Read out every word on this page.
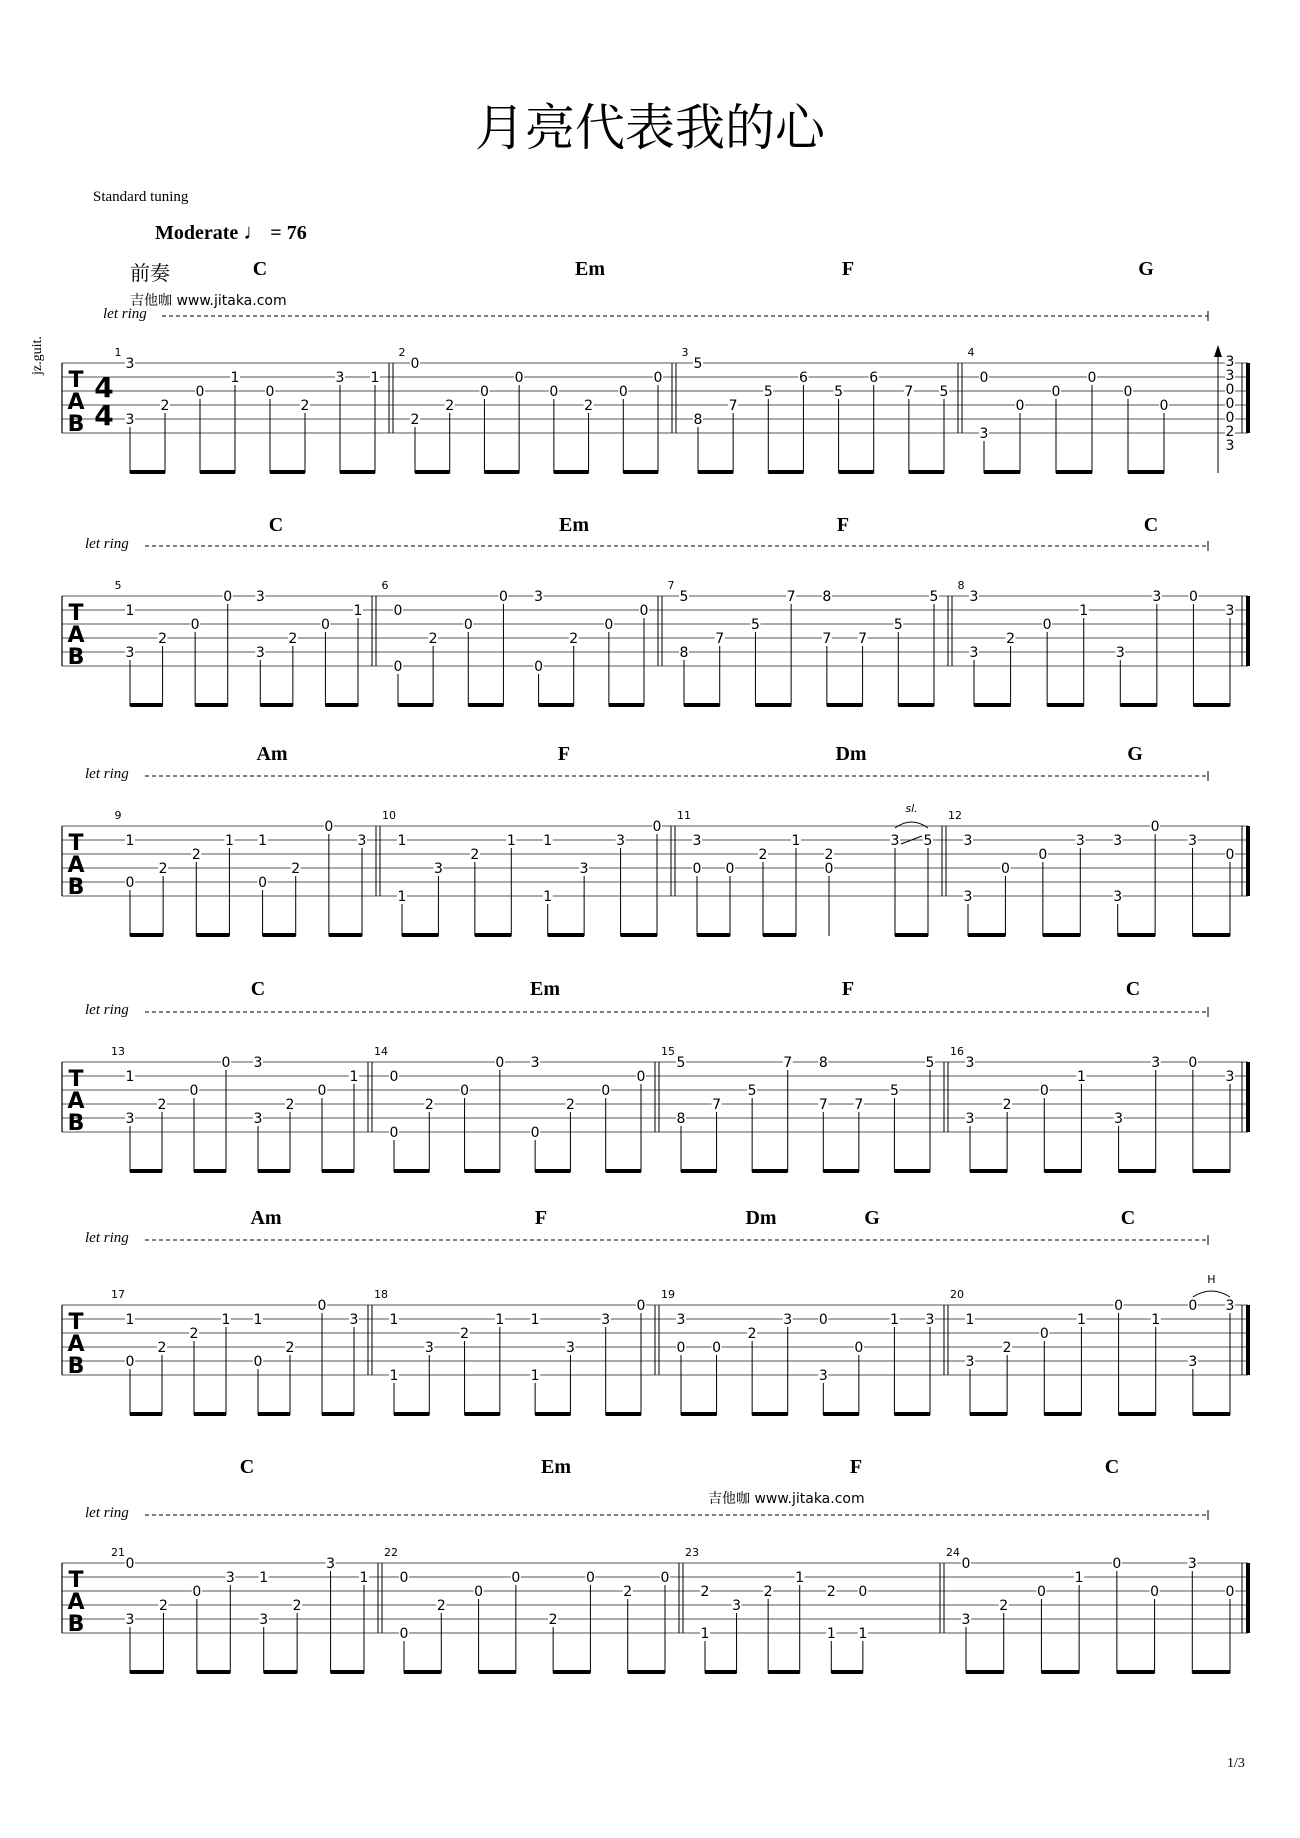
月亮代表我的心
Standard tuning
Moderate ♩ = 76
前奏
吉他咖 www.jitaka.com
吉他咖 www.jitaka.com
jz.guit.
1/3
C	Em	F	G
let ring
C	Em	F	C
let ring
Am	F	Dm	G
let ring
C	Em	F	C
let ring
Am	F	Dm	G	C
let ring
C	Em	F	C
let ring
T
A
B
4
4
1
3
3
2
0
1
0
2
3 1
2
0
2
2
0
0
0
2
0
0
3
5
8
7
5
6
5
6
7 5
4
0
3
0
0
0
0
0
3
3
0
0
0
2
3
T
A
B
5
1
3
2
0
0 3
3
2
0
1
6
0
0
2
0
0 3
0
2
0
0
7
5
8
7
5
7 8
7 7
5
5
8
3
3
2
0
1
3
3 0
3
T
A
B
9
1
0
2
2
1 1
0
2
0
3
10
1
1
3
2
1 1
1
3
3
0
11
3
0 0
2
1
2
0
3 5
sl.
12
3
3
0
0
3 3
3
0
3
0
T
A
B
13
1
3
2
0
0 3
3
2
0
1
14
0
0
2
0
0 3
0
2
0
0
15
5
8
7
5
7 8
7 7
5
5
16
3
3
2
0
1
3
3 0
3
T
A
B
17
1
0
2
2
1 1
0
2
0
3
18
1
1
3
2
1 1
1
3
3
0
19
3
0 0
2
3 0
3
0
1 3
20
1
3
2
0
1
0
1
0
3
3
H
T
A
B
21
0
3
2
0
3 1
3
2
3
1
22
0
0
2
0
0
2
0
2
0
23
2
1
3
2
1
2
1
0
1
24
0
3
2
0
1
0
0
3
0
